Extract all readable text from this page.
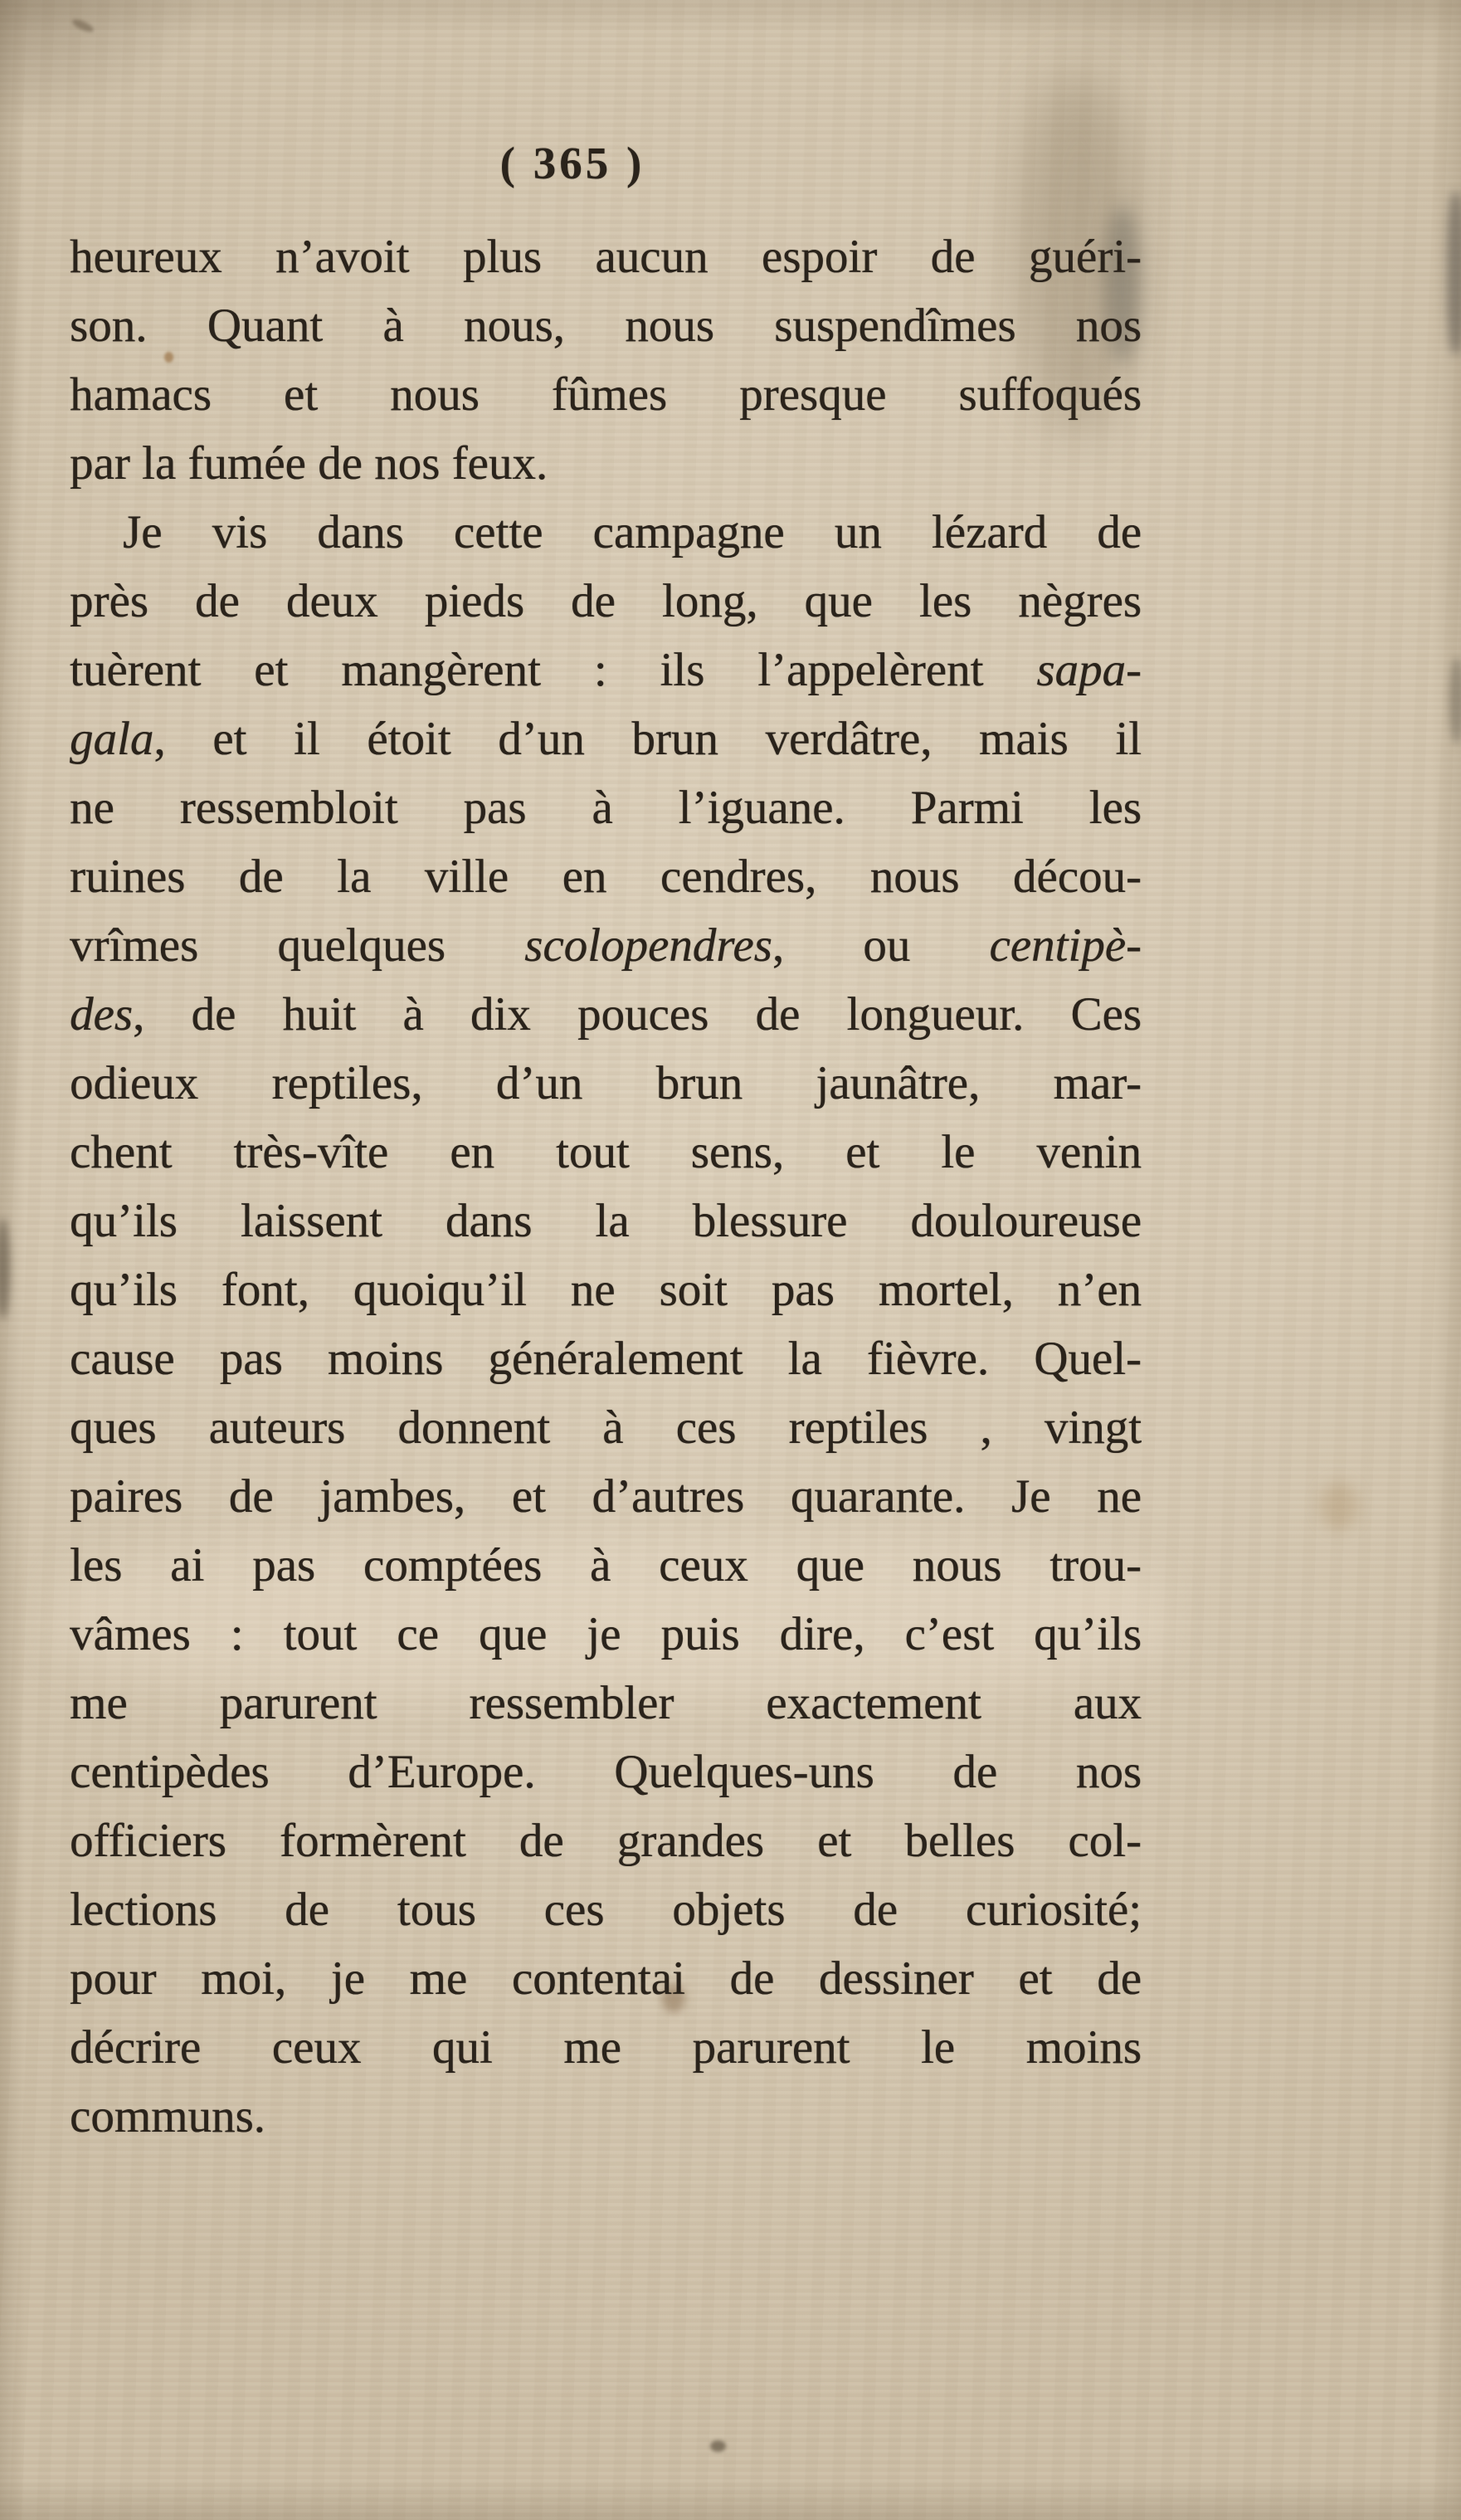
( 365 )
heureux n’avoit plus aucun espoir de guéri-
son. Quant à nous, nous suspendîmes nos
hamacs et nous fûmes presque suffoqués
par la fumée de nos feux.
Je vis dans cette campagne un lézard de
près de deux pieds de long, que les nègres
tuèrent et mangèrent : ils l’appelèrent sapa-
gala, et il étoit d’un brun verdâtre, mais il
ne ressembloit pas à l’iguane. Parmi les
ruines de la ville en cendres, nous décou-
vrîmes quelques scolopendres, ou centipè-
des, de huit à dix pouces de longueur. Ces
odieux reptiles, d’un brun jaunâtre, mar-
chent très-vîte en tout sens, et le venin
qu’ils laissent dans la blessure douloureuse
qu’ils font, quoiqu’il ne soit pas mortel, n’en
cause pas moins généralement la fièvre. Quel-
ques auteurs donnent à ces reptiles , vingt
paires de jambes, et d’autres quarante. Je ne
les ai pas comptées à ceux que nous trou-
vâmes : tout ce que je puis dire, c’est qu’ils
me parurent ressembler exactement aux
centipèdes d’Europe. Quelques-uns de nos
officiers formèrent de grandes et belles col-
lections de tous ces objets de curiosité;
pour moi, je me contentai de dessiner et de
décrire ceux qui me parurent le moins
communs.
